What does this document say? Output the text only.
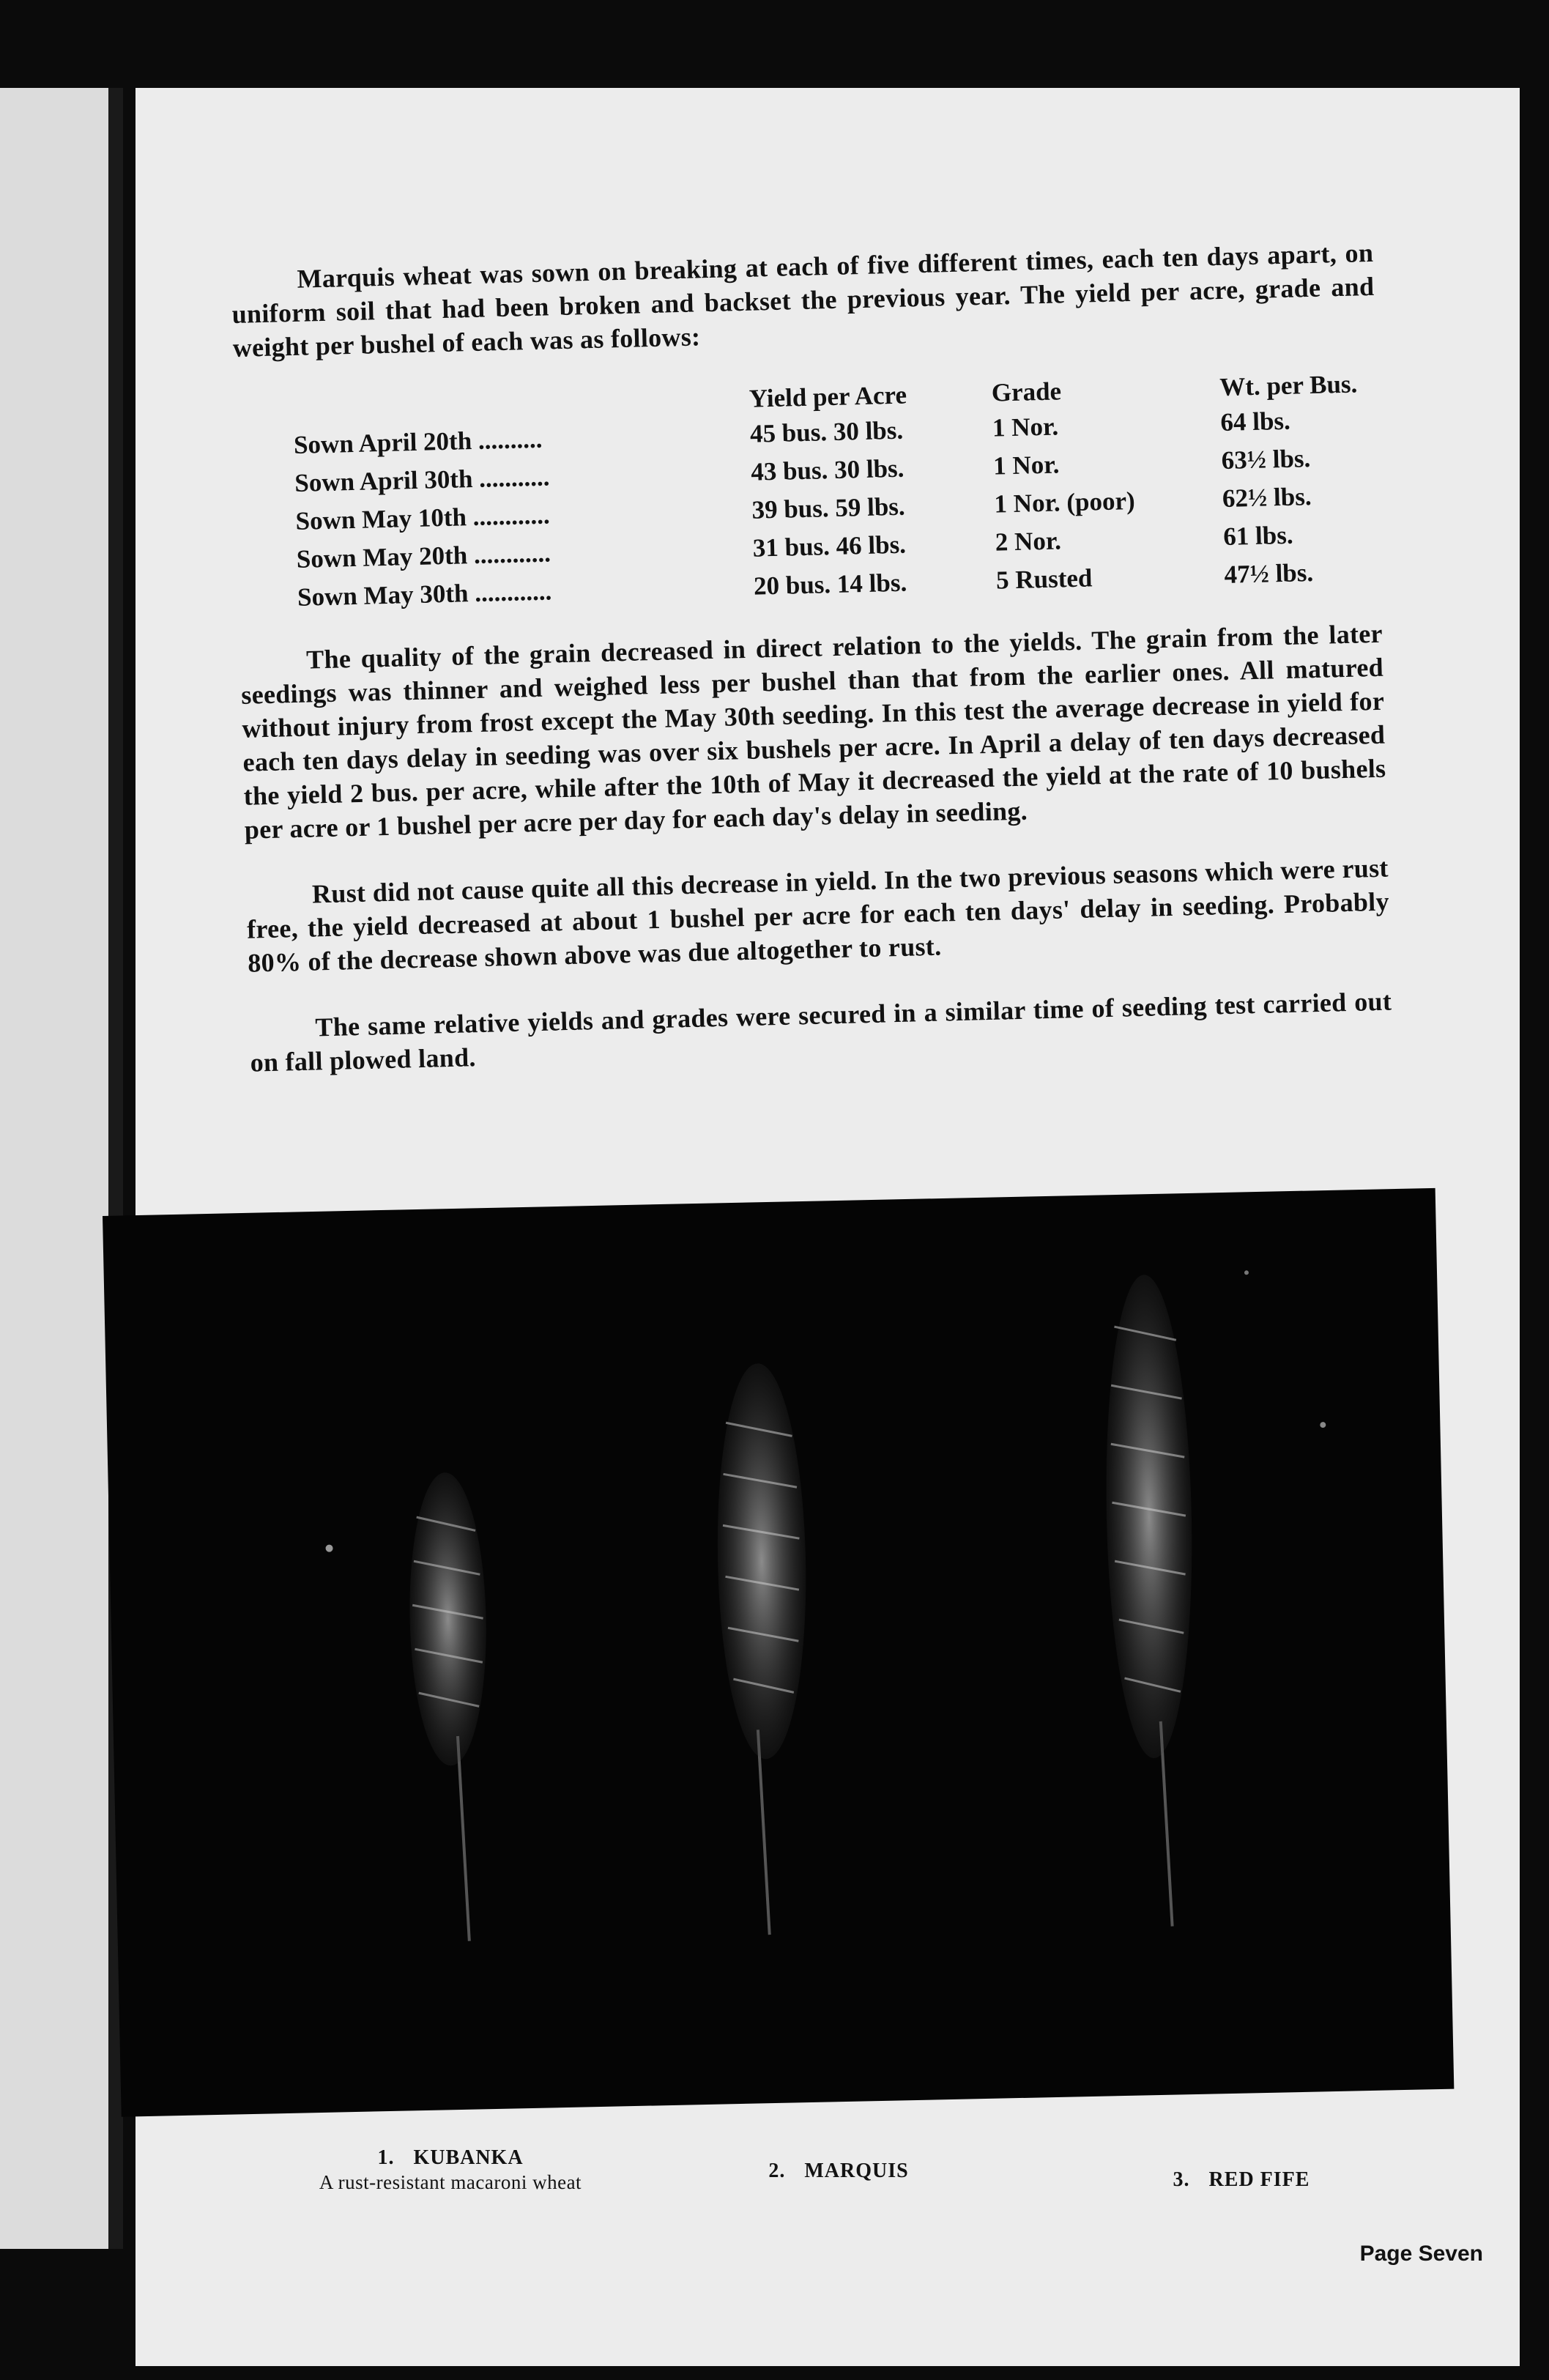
Marquis wheat was sown on breaking at each of five different times, each ten days apart, on uniform soil that had been broken and backset the previous year. The yield per acre, grade and weight per bushel of each was as follows:

Yield per Acre	Grade	Wt. per Bus.
Sown April 20th ..........	45 bus. 30 lbs.	1 Nor.	64 lbs.
Sown April 30th ...........	43 bus. 30 lbs.	1 Nor.	63½ lbs.
Sown May 10th ............	39 bus. 59 lbs.	1 Nor. (poor)	62½ lbs.
Sown May 20th ............	31 bus. 46 lbs.	2 Nor.	61 lbs.
Sown May 30th ............	20 bus. 14 lbs.	5 Rusted	47½ lbs.

The quality of the grain decreased in direct relation to the yields. The grain from the later seedings was thinner and weighed less per bushel than that from the earlier ones. All matured without injury from frost except the May 30th seeding. In this test the average decrease in yield for each ten days delay in seeding was over six bushels per acre. In April a delay of ten days decreased the yield 2 bus. per acre, while after the 10th of May it decreased the yield at the rate of 10 bushels per acre or 1 bushel per acre per day for each day's delay in seeding.

Rust did not cause quite all this decrease in yield. In the two previous seasons which were rust free, the yield decreased at about 1 bushel per acre for each ten days' delay in seeding. Probably 80% of the decrease shown above was due altogether to rust.

The same relative yields and grades were secured in a similar time of seeding test carried out on fall plowed land.

1. KUBANKA
A rust-resistant macaroni wheat	2. MARQUIS	3. RED FIFE
Page Seven
